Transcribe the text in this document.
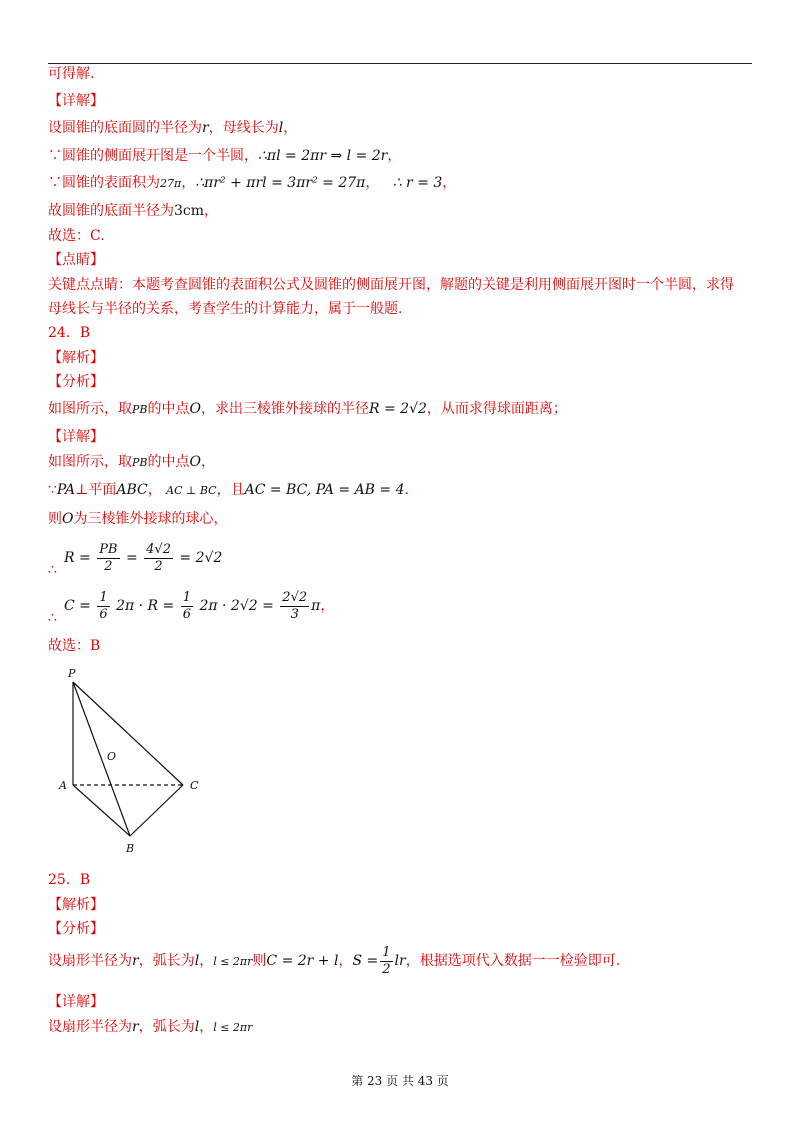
可得解.
【详解】
设圆锥的底面圆的半径为r，母线长为l，
∵圆锥的侧面展开图是一个半圆，∴πl = 2πr ⇒ l = 2r，
∵圆锥的表面积为27π，∴πr² + πrl = 3πr² = 27π， ∴ r = 3，
故圆锥的底面半径为3cm，
故选：C.
【点睛】
关键点点睛：本题考查圆锥的表面积公式及圆锥的侧面展开图，解题的关键是利用侧面展开图时一个半圆，求得
母线长与半径的关系，考查学生的计算能力，属于一般题.
24．B
【解析】
【分析】
如图所示，取PB的中点O，求出三棱锥外接球的半径R = 2√2，从而求得球面距离；
【详解】
如图所示，取PB的中点O，
∵PA⊥平面ABC， AC ⊥ BC，且AC = BC, PA = AB = 4.
则O为三棱锥外接球的球心，
∴
$R = \frac{PB}{2} = \frac{4√2}{2} = 2√2$
∴
$C = \frac{1}{6} 2\pi \cdot R = \frac{1}{6} 2\pi \cdot 2√2 = \frac{2√2}{3}$ π，
故选：B
P
O
A
B
C
25．B
【解析】
【分析】
设扇形半径为r，弧长为l，l ≤ 2πr则C = 2r + l，$S = \frac{1}{2}$ lr，根据选项代入数据一一检验即可.
【详解】
设扇形半径为r，弧长为l，l ≤ 2πr
第 23 页 共 43 页
